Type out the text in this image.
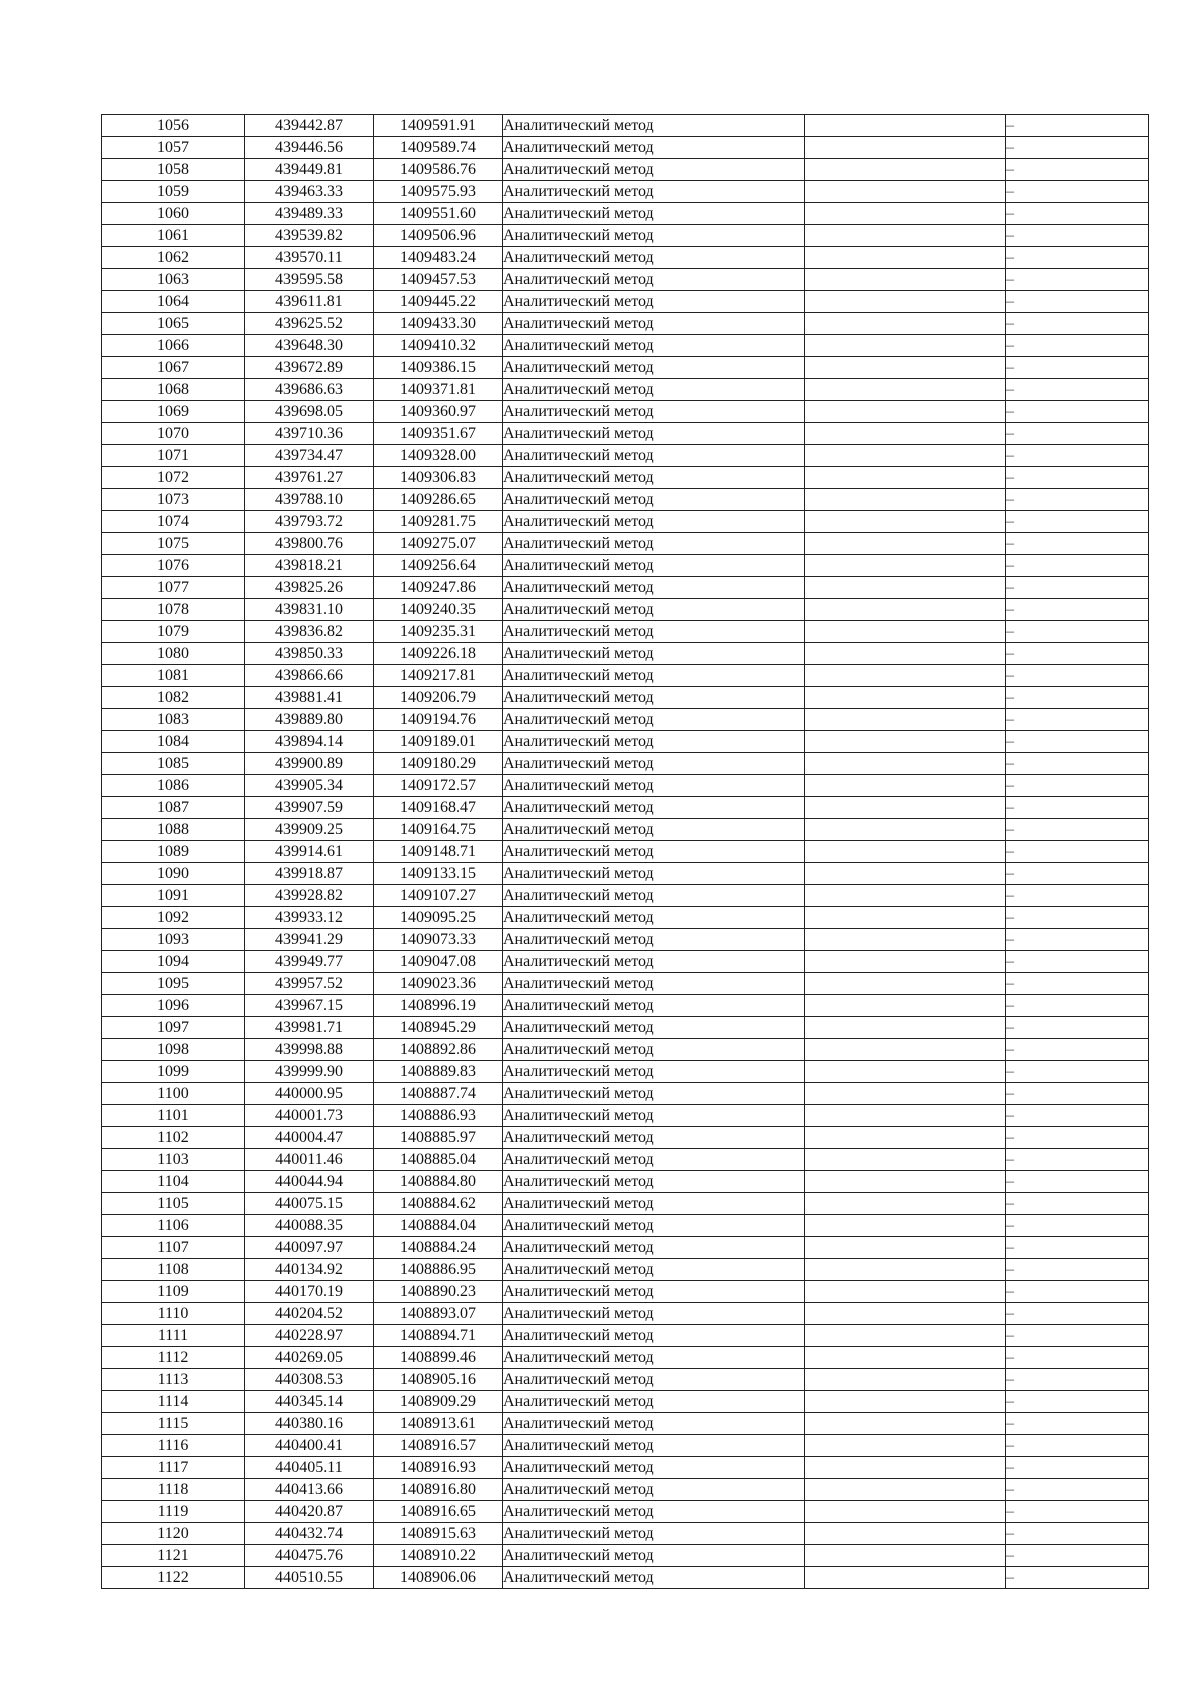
1056	439442.87	1409591.91	Аналитический метод		–
1057	439446.56	1409589.74	Аналитический метод		–
1058	439449.81	1409586.76	Аналитический метод		–
1059	439463.33	1409575.93	Аналитический метод		–
1060	439489.33	1409551.60	Аналитический метод		–
1061	439539.82	1409506.96	Аналитический метод		–
1062	439570.11	1409483.24	Аналитический метод		–
1063	439595.58	1409457.53	Аналитический метод		–
1064	439611.81	1409445.22	Аналитический метод		–
1065	439625.52	1409433.30	Аналитический метод		–
1066	439648.30	1409410.32	Аналитический метод		–
1067	439672.89	1409386.15	Аналитический метод		–
1068	439686.63	1409371.81	Аналитический метод		–
1069	439698.05	1409360.97	Аналитический метод		–
1070	439710.36	1409351.67	Аналитический метод		–
1071	439734.47	1409328.00	Аналитический метод		–
1072	439761.27	1409306.83	Аналитический метод		–
1073	439788.10	1409286.65	Аналитический метод		–
1074	439793.72	1409281.75	Аналитический метод		–
1075	439800.76	1409275.07	Аналитический метод		–
1076	439818.21	1409256.64	Аналитический метод		–
1077	439825.26	1409247.86	Аналитический метод		–
1078	439831.10	1409240.35	Аналитический метод		–
1079	439836.82	1409235.31	Аналитический метод		–
1080	439850.33	1409226.18	Аналитический метод		–
1081	439866.66	1409217.81	Аналитический метод		–
1082	439881.41	1409206.79	Аналитический метод		–
1083	439889.80	1409194.76	Аналитический метод		–
1084	439894.14	1409189.01	Аналитический метод		–
1085	439900.89	1409180.29	Аналитический метод		–
1086	439905.34	1409172.57	Аналитический метод		–
1087	439907.59	1409168.47	Аналитический метод		–
1088	439909.25	1409164.75	Аналитический метод		–
1089	439914.61	1409148.71	Аналитический метод		–
1090	439918.87	1409133.15	Аналитический метод		–
1091	439928.82	1409107.27	Аналитический метод		–
1092	439933.12	1409095.25	Аналитический метод		–
1093	439941.29	1409073.33	Аналитический метод		–
1094	439949.77	1409047.08	Аналитический метод		–
1095	439957.52	1409023.36	Аналитический метод		–
1096	439967.15	1408996.19	Аналитический метод		–
1097	439981.71	1408945.29	Аналитический метод		–
1098	439998.88	1408892.86	Аналитический метод		–
1099	439999.90	1408889.83	Аналитический метод		–
1100	440000.95	1408887.74	Аналитический метод		–
1101	440001.73	1408886.93	Аналитический метод		–
1102	440004.47	1408885.97	Аналитический метод		–
1103	440011.46	1408885.04	Аналитический метод		–
1104	440044.94	1408884.80	Аналитический метод		–
1105	440075.15	1408884.62	Аналитический метод		–
1106	440088.35	1408884.04	Аналитический метод		–
1107	440097.97	1408884.24	Аналитический метод		–
1108	440134.92	1408886.95	Аналитический метод		–
1109	440170.19	1408890.23	Аналитический метод		–
1110	440204.52	1408893.07	Аналитический метод		–
1111	440228.97	1408894.71	Аналитический метод		–
1112	440269.05	1408899.46	Аналитический метод		–
1113	440308.53	1408905.16	Аналитический метод		–
1114	440345.14	1408909.29	Аналитический метод		–
1115	440380.16	1408913.61	Аналитический метод		–
1116	440400.41	1408916.57	Аналитический метод		–
1117	440405.11	1408916.93	Аналитический метод		–
1118	440413.66	1408916.80	Аналитический метод		–
1119	440420.87	1408916.65	Аналитический метод		–
1120	440432.74	1408915.63	Аналитический метод		–
1121	440475.76	1408910.22	Аналитический метод		–
1122	440510.55	1408906.06	Аналитический метод		–
